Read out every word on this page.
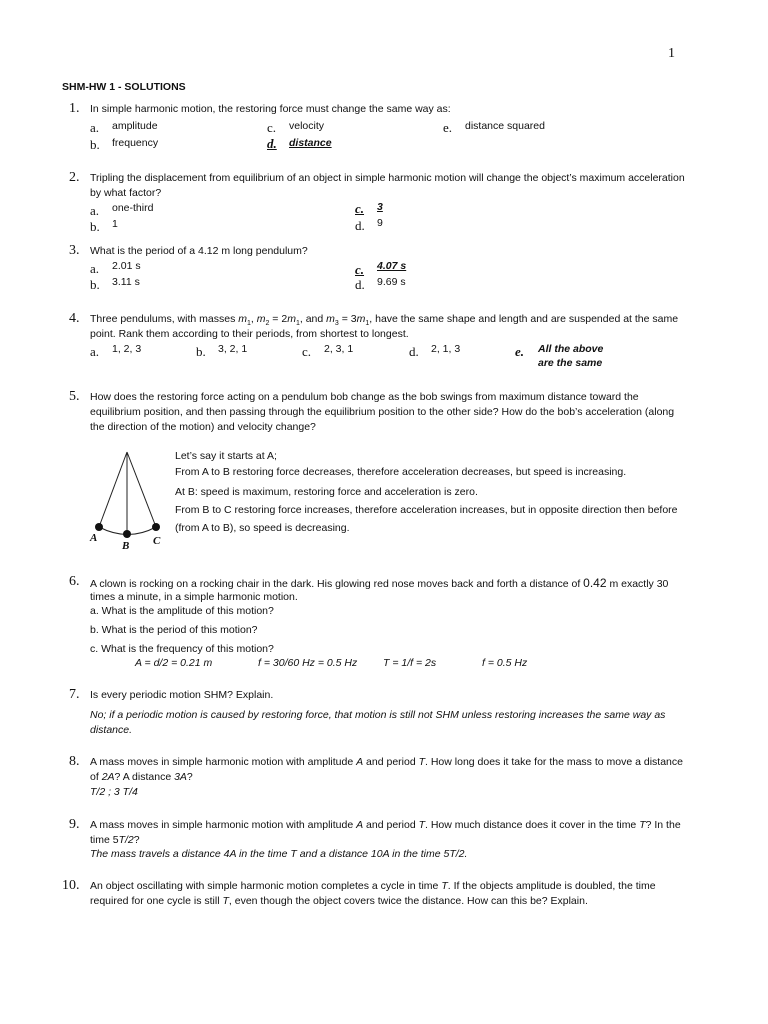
1
SHM-HW 1 - SOLUTIONS
1. In simple harmonic motion, the restoring force must change the same way as:
a. amplitude
b. frequency
c. velocity
d. distance
e. distance squared
2. Tripling the displacement from equilibrium of an object in simple harmonic motion will change the object’s maximum acceleration
by what factor?
a. one-third
b. 1
c. 3
d. 9
3. What is the period of a 4.12 m long pendulum?
a. 2.01 s
b. 3.11 s
c. 4.07 s
d. 9.69 s
4. Three pendulums, with masses $m_1$, $m_2 = 2m_1$, and $m_3 = 3m_1$, have the same shape and length and are suspended at the same
point. Rank them according to their periods, from shortest to longest.
a. 1, 2, 3	b. 3, 2, 1	c. 2, 3, 1	d. 2, 1, 3	e. All the above
are the same
5. How does the restoring force acting on a pendulum bob change as the bob swings from maximum distance toward the
equilibrium position, and then passing through the equilibrium position to the other side? How do the bob’s acceleration (along
the direction of the motion) and velocity change?
A
B C
Let’s say it starts at A;
From A to B restoring force decreases, therefore acceleration decreases, but speed is increasing.
At B: speed is maximum, restoring force and acceleration is zero.
From B to C restoring force increases, therefore acceleration increases, but in opposite direction then before
(from A to B), so speed is decreasing.
6. A clown is rocking on a rocking chair in the dark. His glowing red nose moves back and forth a distance of 0.42 m exactly 30
times a minute, in a simple harmonic motion.
a. What is the amplitude of this motion?
b. What is the period of this motion?
c. What is the frequency of this motion?
A = d/2 = 0.21 m	f = 30/60 Hz = 0.5 Hz T = 1/f = 2s	f = 0.5 Hz
7. Is every periodic motion SHM? Explain.
No; if a periodic motion is caused by restoring force, that motion is still not SHM unless restoring increases the same way as
distance.
8. A mass moves in simple harmonic motion with amplitude A and period T. How long does it take for the mass to move a distance
of 2A? A distance 3A?
T/2 ; 3 T/4
9. A mass moves in simple harmonic motion with amplitude A and period T. How much distance does it cover in the time T? In the
time 5T/2?
The mass travels a distance 4A in the time T and a distance 10A in the time 5T/2.
10. An object oscillating with simple harmonic motion completes a cycle in time T. If the objects amplitude is doubled, the time
required for one cycle is still T, even though the object covers twice the distance. How can this be? Explain.
